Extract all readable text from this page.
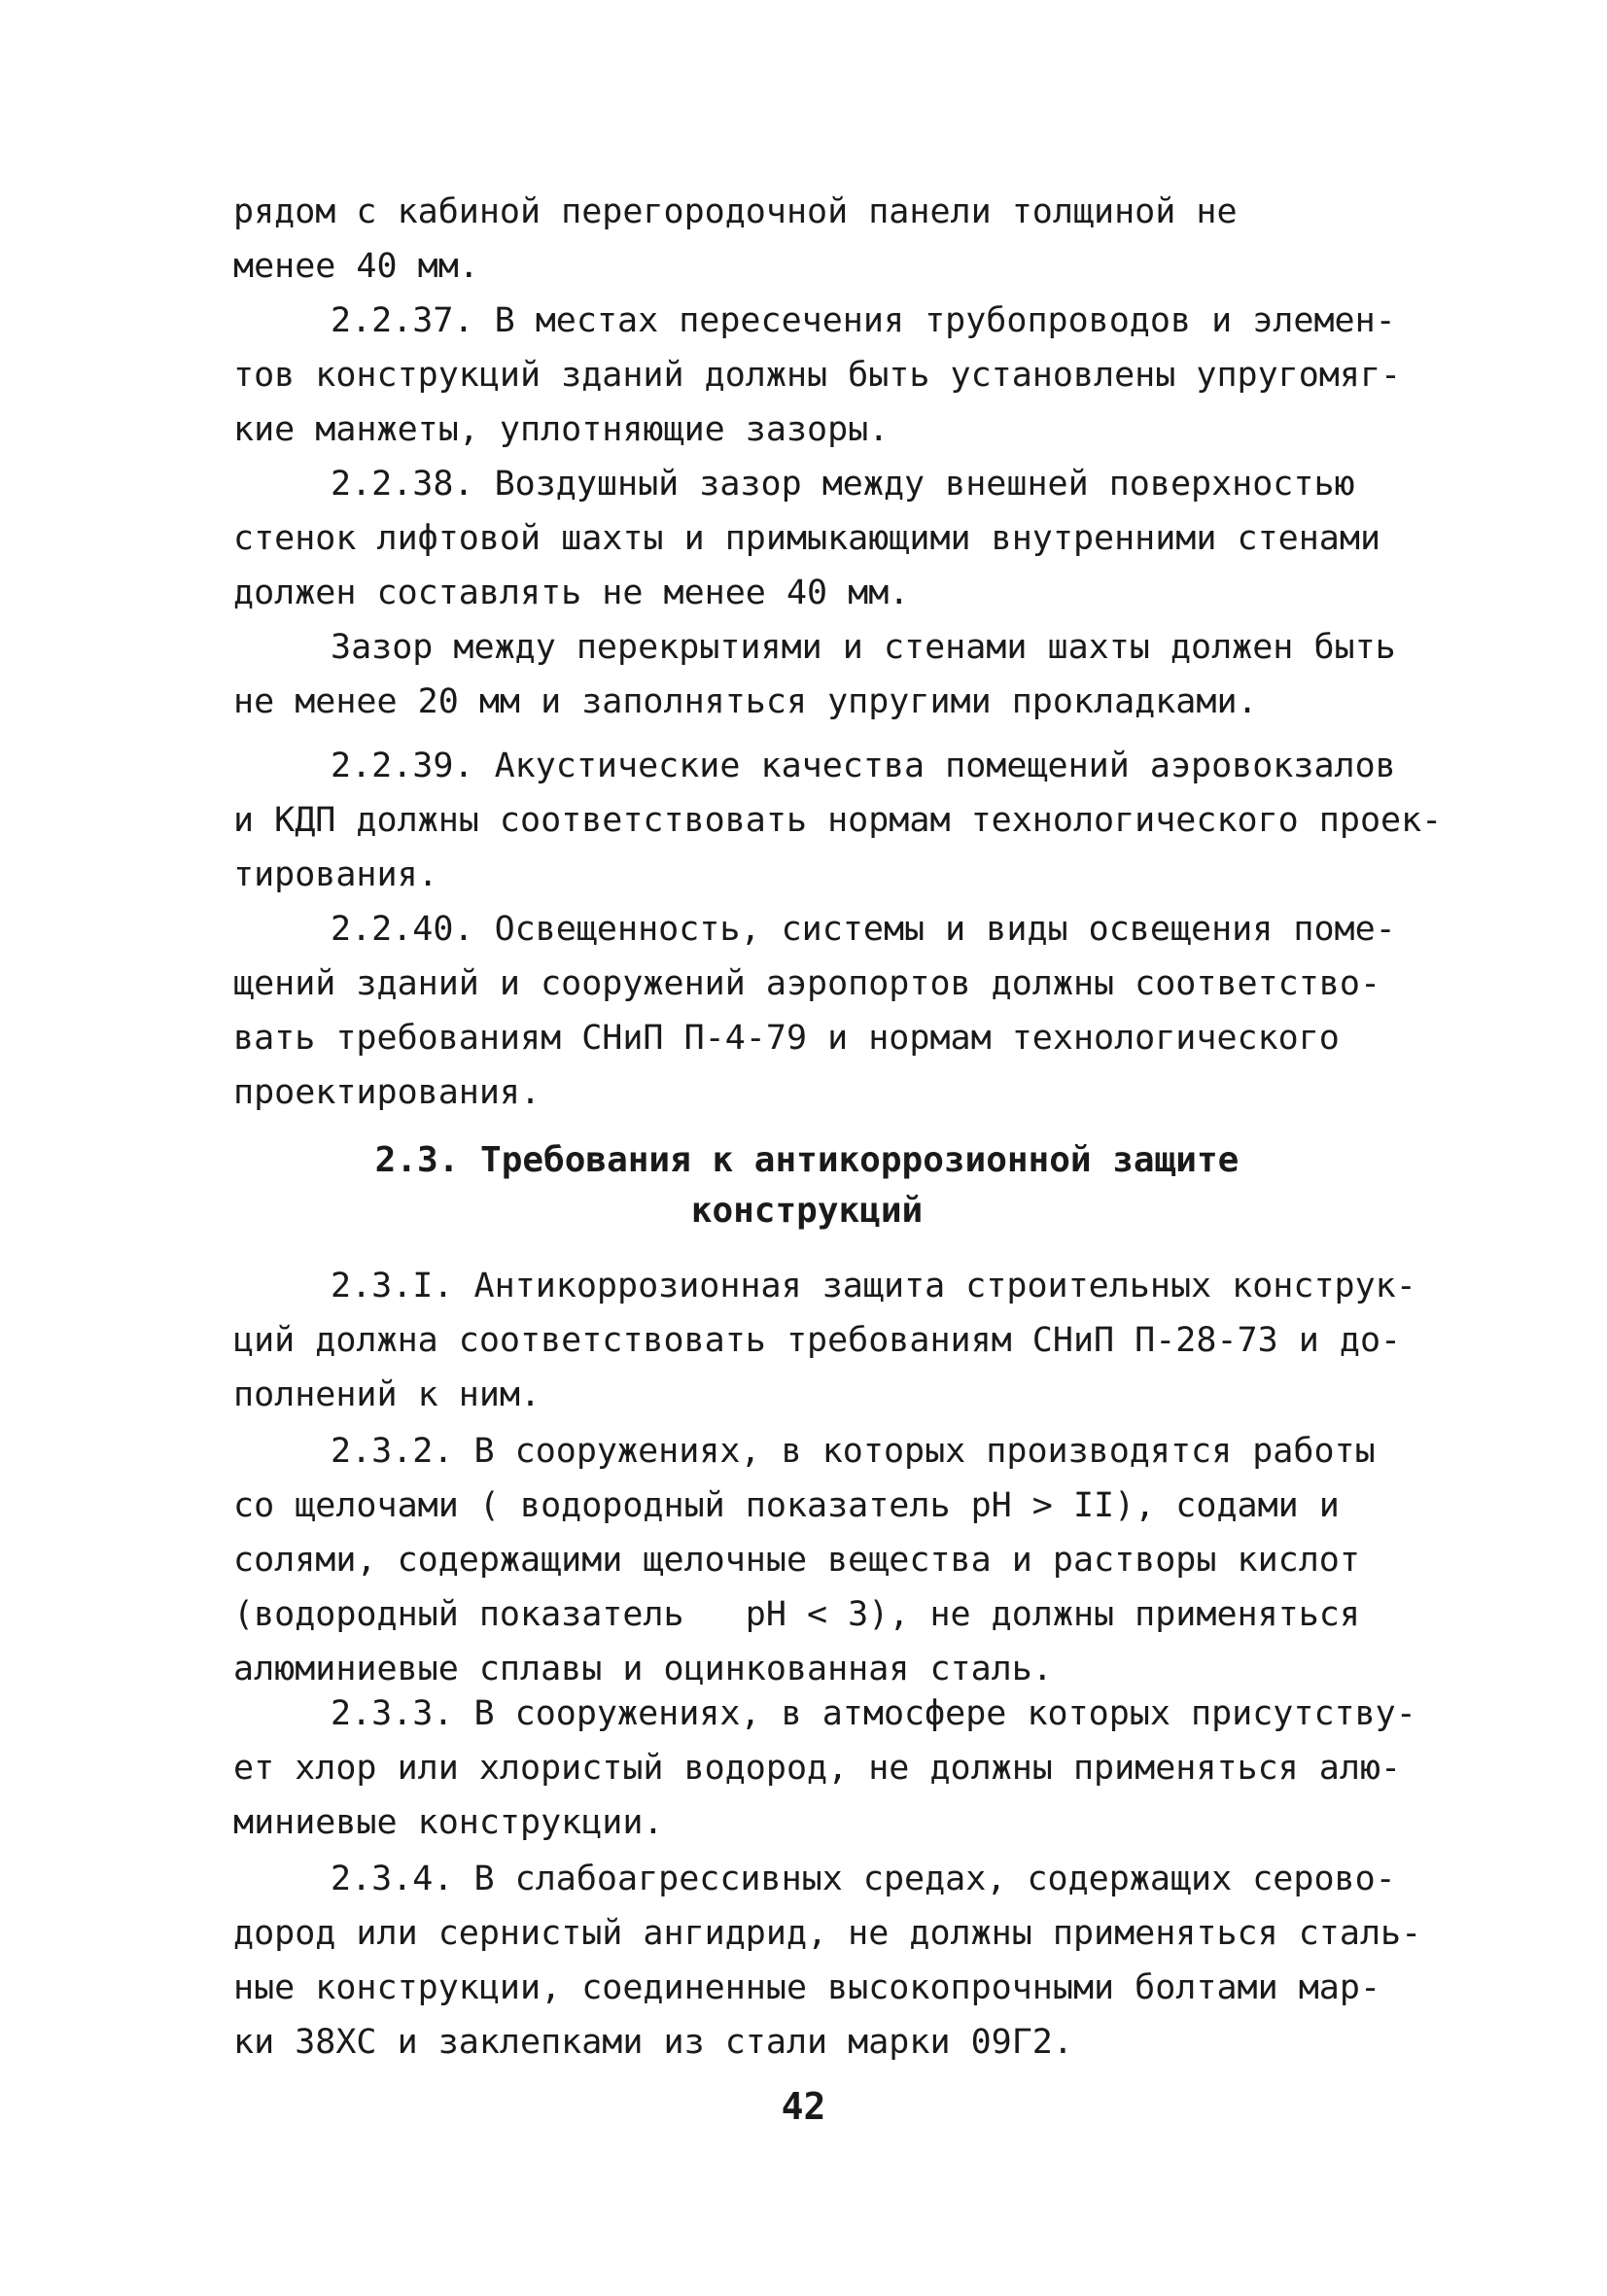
рядом с кабиной перегородочной панели толщиной не
менее 40 мм.
2.2.37. В местах пересечения трубопроводов и элемен-
тов конструкций зданий должны быть установлены упругомяг-
кие манжеты, уплотняющие зазоры.
2.2.38. Воздушный зазор между внешней поверхностью
стенок лифтовой шахты и примыкающими внутренними стенами
должен составлять не менее 40 мм.
Зазор между перекрытиями и стенами шахты должен быть
не менее 20 мм и заполняться упругими прокладками.
2.2.39. Акустические качества помещений аэровокзалов
и КДП должны соответствовать нормам технологического проек-
тирования.
2.2.40. Освещенность, системы и виды освещения поме-
щений зданий и сооружений аэропортов должны соответство-
вать требованиям СНиП П-4-79 и нормам технологического
проектирования.
2.3. Требования к антикоррозионной защите
конструкций
2.3.I. Антикоррозионная защита строительных конструк-
ций должна соответствовать требованиям СНиП П-28-73 и до-
полнений к ним.
2.3.2. В сооружениях, в которых производятся работы
со щелочами ( водородный показатель pH > II), содами и
солями, содержащими щелочные вещества и растворы кислот
(водородный показатель   pH < 3), не должны применяться
алюминиевые сплавы и оцинкованная сталь.
2.3.3. В сооружениях, в атмосфере которых присутству-
ет хлор или хлористый водород, не должны применяться алю-
миниевые конструкции.
2.3.4. В слабоагрессивных средах, содержащих серово-
дород или сернистый ангидрид, не должны применяться сталь-
ные конструкции, соединенные высокопрочными болтами мар-
ки 38ХС и заклепками из стали марки 09Г2.
42
